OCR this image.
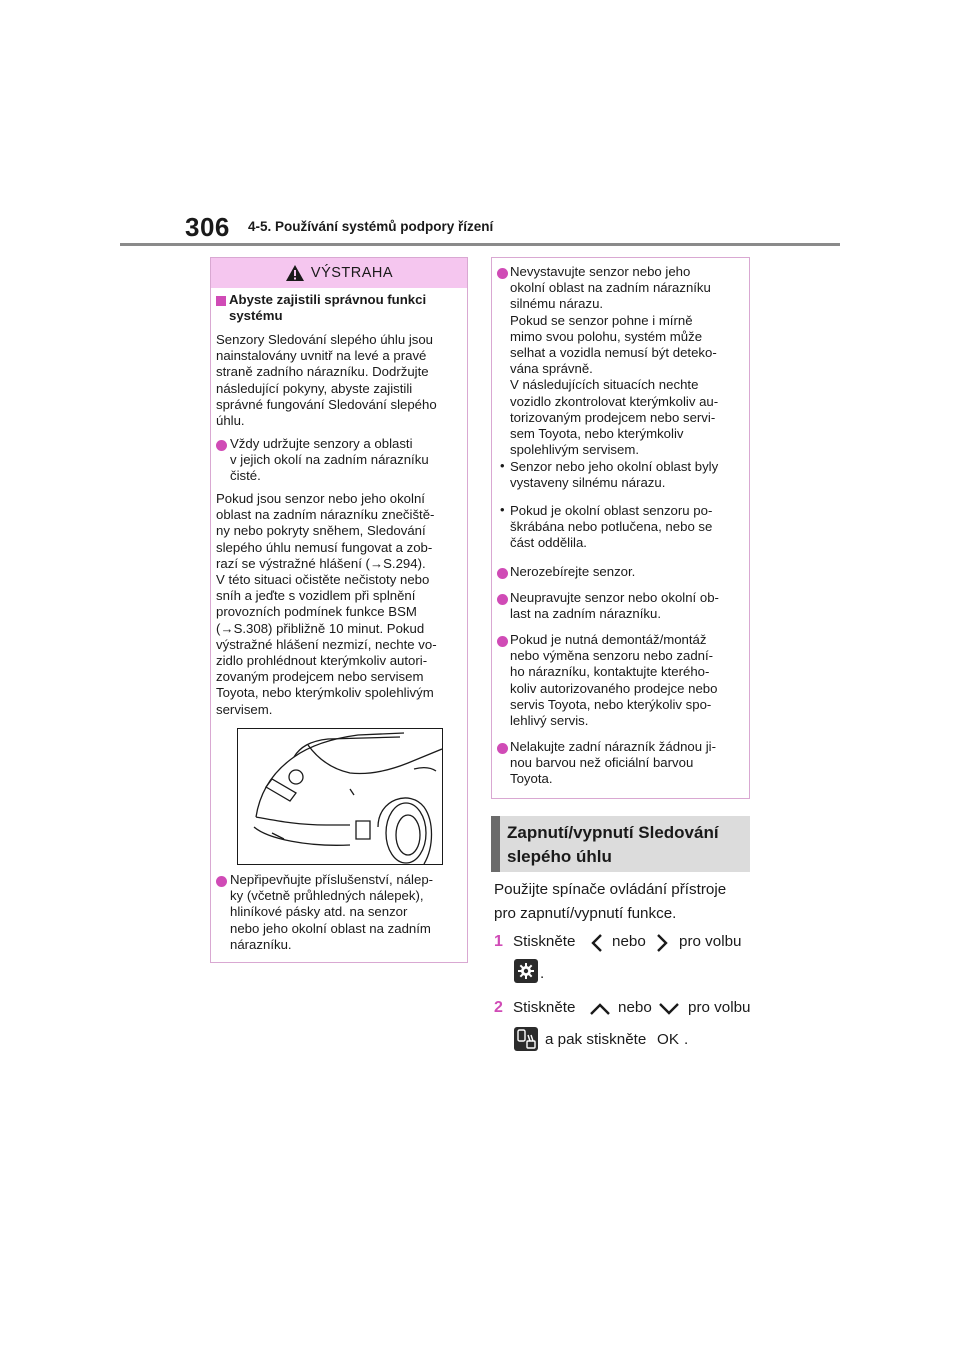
306 4-5. Používání systémů podpory řízení
VÝSTRAHA
Abyste zajistili správnou funkci systému
Senzory Sledování slepého úhlu jsou
nainstalovány uvnitř na levé a pravé
straně zadního nárazníku. Dodržujte
následující pokyny, abyste zajistili
správné fungování Sledování slepého
úhlu.
Vždy udržujte senzory a oblasti
v jejich okolí na zadním nárazníku
čisté.
Pokud jsou senzor nebo jeho okolní
oblast na zadním nárazníku znečiště-
ny nebo pokryty sněhem, Sledování
slepého úhlu nemusí fungovat a zob-
razí se výstražné hlášení (→S.294).
V této situaci očistěte nečistoty nebo
sníh a jeďte s vozidlem při splnění
provozních podmínek funkce BSM
(→S.308) přibližně 10 minut. Pokud
výstražné hlášení nezmizí, nechte vo-
zidlo prohlédnout kterýmkoliv autori-
zovaným prodejcem nebo servisem
Toyota, nebo kterýmkoliv spolehlivým
servisem.
Nepřipevňujte příslušenství, nálep-
ky (včetně průhledných nálepek),
hliníkové pásky atd. na senzor
nebo jeho okolní oblast na zadním
nárazníku.
Nevystavujte senzor nebo jeho
okolní oblast na zadním nárazníku
silnému nárazu.
Pokud se senzor pohne i mírně
mimo svou polohu, systém může
selhat a vozidla nemusí být deteko-
vána správně.
V následujících situacích nechte
vozidlo zkontrolovat kterýmkoliv au-
torizovaným prodejcem nebo servi-
sem Toyota, nebo kterýmkoliv
spolehlivým servisem.
• Senzor nebo jeho okolní oblast byly
vystaveny silnému nárazu.
• Pokud je okolní oblast senzoru po-
škrábána nebo potlučena, nebo se
část oddělila.
Nerozebírejte senzor.
Neupravujte senzor nebo okolní ob-
last na zadním nárazníku.
Pokud je nutná demontáž/montáž
nebo výměna senzoru nebo zadní-
ho nárazníku, kontaktujte kterého-
koliv autorizovaného prodejce nebo
servis Toyota, nebo kterýkoliv spo-
lehlivý servis.
Nelakujte zadní nárazník žádnou ji-
nou barvou než oficiální barvou
Toyota.
Zapnutí/vypnutí Sledování
slepého úhlu
Použijte spínače ovládání přístroje
pro zapnutí/vypnutí funkce.
1 Stiskněte nebo pro volbu
.
2 Stiskněte	nebo pro volbu
a pak stiskněte OK .
